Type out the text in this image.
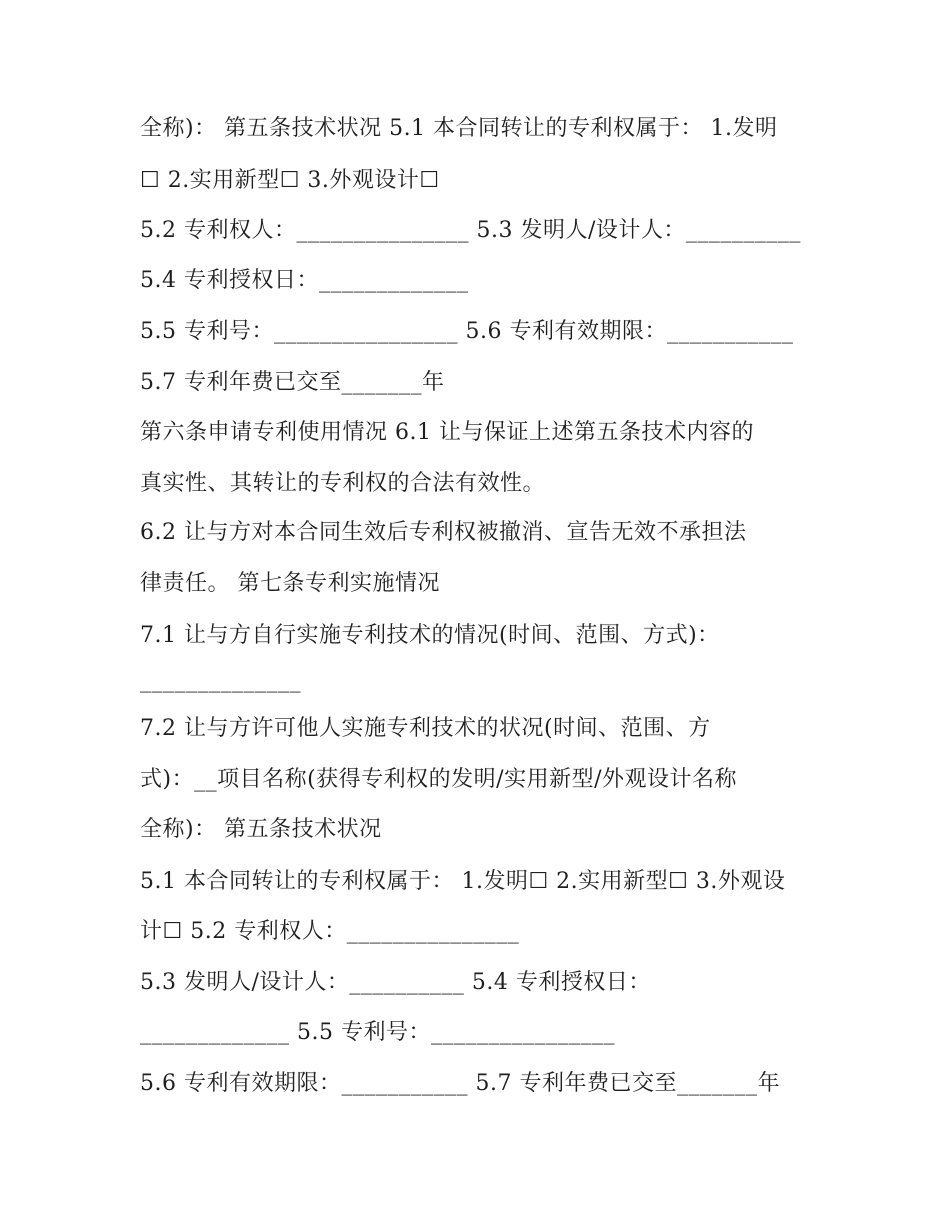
全称)： 第五条技术状况 5.1 本合同转让的专利权属于： 1.发明
☐ 2.实用新型☐ 3.外观设计☐
5.2 专利权人：_______________ 5.3 发明人/设计人：__________
5.4 专利授权日：_____________
5.5 专利号：________________ 5.6 专利有效期限：___________
5.7 专利年费已交至_______年
第六条申请专利使用情况 6.1 让与保证上述第五条技术内容的
真实性、其转让的专利权的合法有效性。
6.2 让与方对本合同生效后专利权被撤消、宣告无效不承担法
律责任。 第七条专利实施情况
7.1 让与方自行实施专利技术的情况(时间、范围、方式)：
______________
7.2 让与方许可他人实施专利技术的状况(时间、范围、方
式)：__项目名称(获得专利权的发明/实用新型/外观设计名称
全称)： 第五条技术状况
5.1 本合同转让的专利权属于： 1.发明☐ 2.实用新型☐ 3.外观设
计☐ 5.2 专利权人：_______________
5.3 发明人/设计人：__________ 5.4 专利授权日：
_____________ 5.5 专利号：________________
5.6 专利有效期限：___________ 5.7 专利年费已交至_______年
